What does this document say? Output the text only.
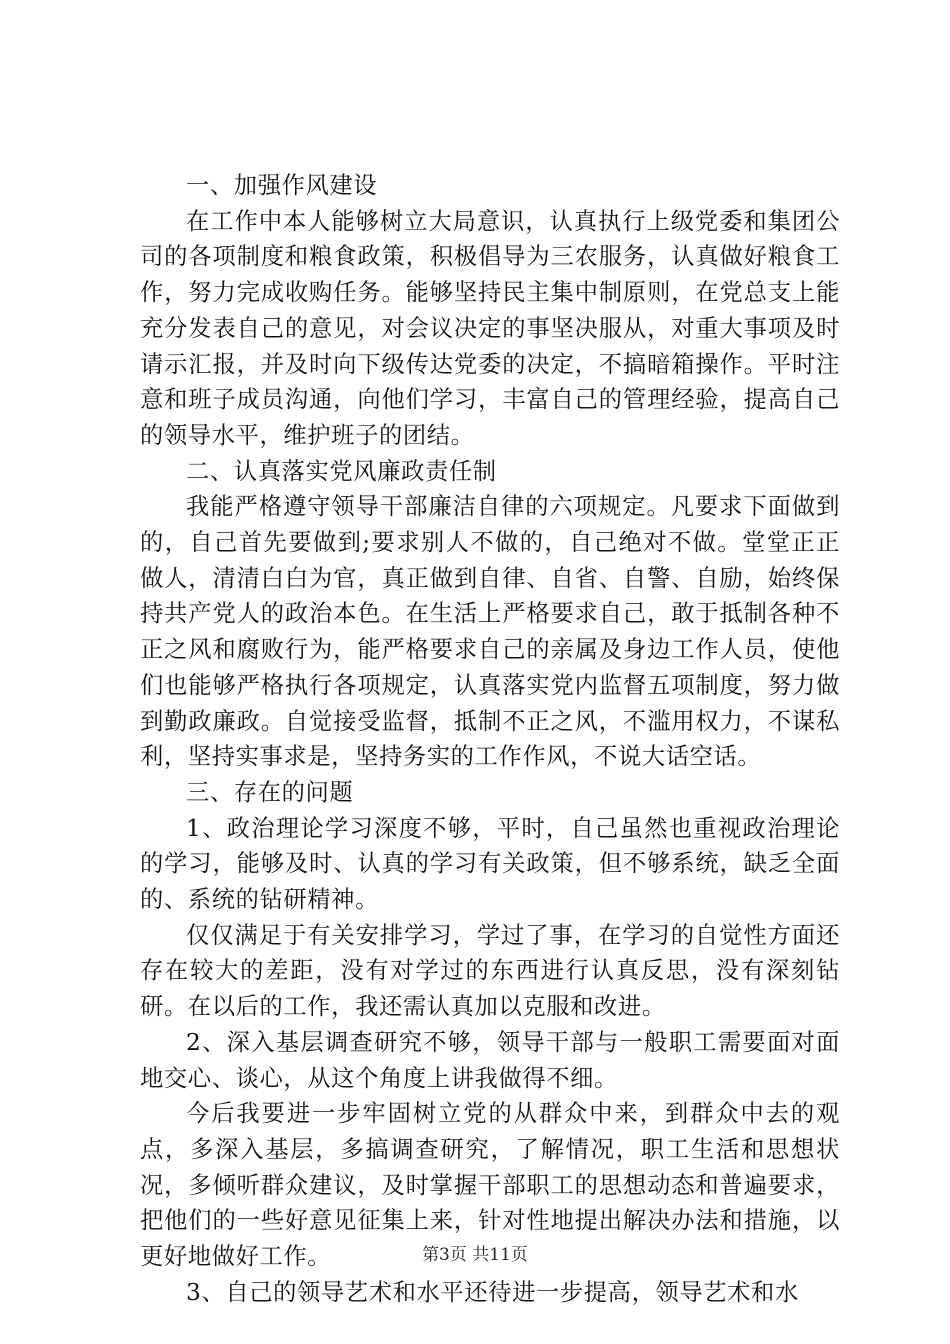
一、加强作风建设

在工作中本人能够树立大局意识，认真执行上级党委和集团公司的各项制度和粮食政策，积极倡导为三农服务，认真做好粮食工作，努力完成收购任务。能够坚持民主集中制原则，在党总支上能充分发表自己的意见，对会议决定的事坚决服从，对重大事项及时请示汇报，并及时向下级传达党委的决定，不搞暗箱操作。平时注意和班子成员沟通，向他们学习，丰富自己的管理经验，提高自己的领导水平，维护班子的团结。

二、认真落实党风廉政责任制

我能严格遵守领导干部廉洁自律的六项规定。凡要求下面做到的，自己首先要做到;要求别人不做的，自己绝对不做。堂堂正正做人，清清白白为官，真正做到自律、自省、自警、自励，始终保持共产党人的政治本色。在生活上严格要求自己，敢于抵制各种不正之风和腐败行为，能严格要求自己的亲属及身边工作人员，使他们也能够严格执行各项规定，认真落实党内监督五项制度，努力做到勤政廉政。自觉接受监督，抵制不正之风，不滥用权力，不谋私利，坚持实事求是，坚持务实的工作作风，不说大话空话。

三、存在的问题

1、政治理论学习深度不够，平时，自己虽然也重视政治理论的学习，能够及时、认真的学习有关政策，但不够系统，缺乏全面的、系统的钻研精神。

仅仅满足于有关安排学习，学过了事，在学习的自觉性方面还存在较大的差距，没有对学过的东西进行认真反思，没有深刻钻研。在以后的工作，我还需认真加以克服和改进。

2、深入基层调查研究不够，领导干部与一般职工需要面对面地交心、谈心，从这个角度上讲我做得不细。

今后我要进一步牢固树立党的从群众中来，到群众中去的观点，多深入基层，多搞调查研究，了解情况，职工生活和思想状况，多倾听群众建议，及时掌握干部职工的思想动态和普遍要求，把他们的一些好意见征集上来，针对性地提出解决办法和措施，以更好地做好工作。

3、自己的领导艺术和水平还待进一步提高，领导艺术和水

第3页 共11页
